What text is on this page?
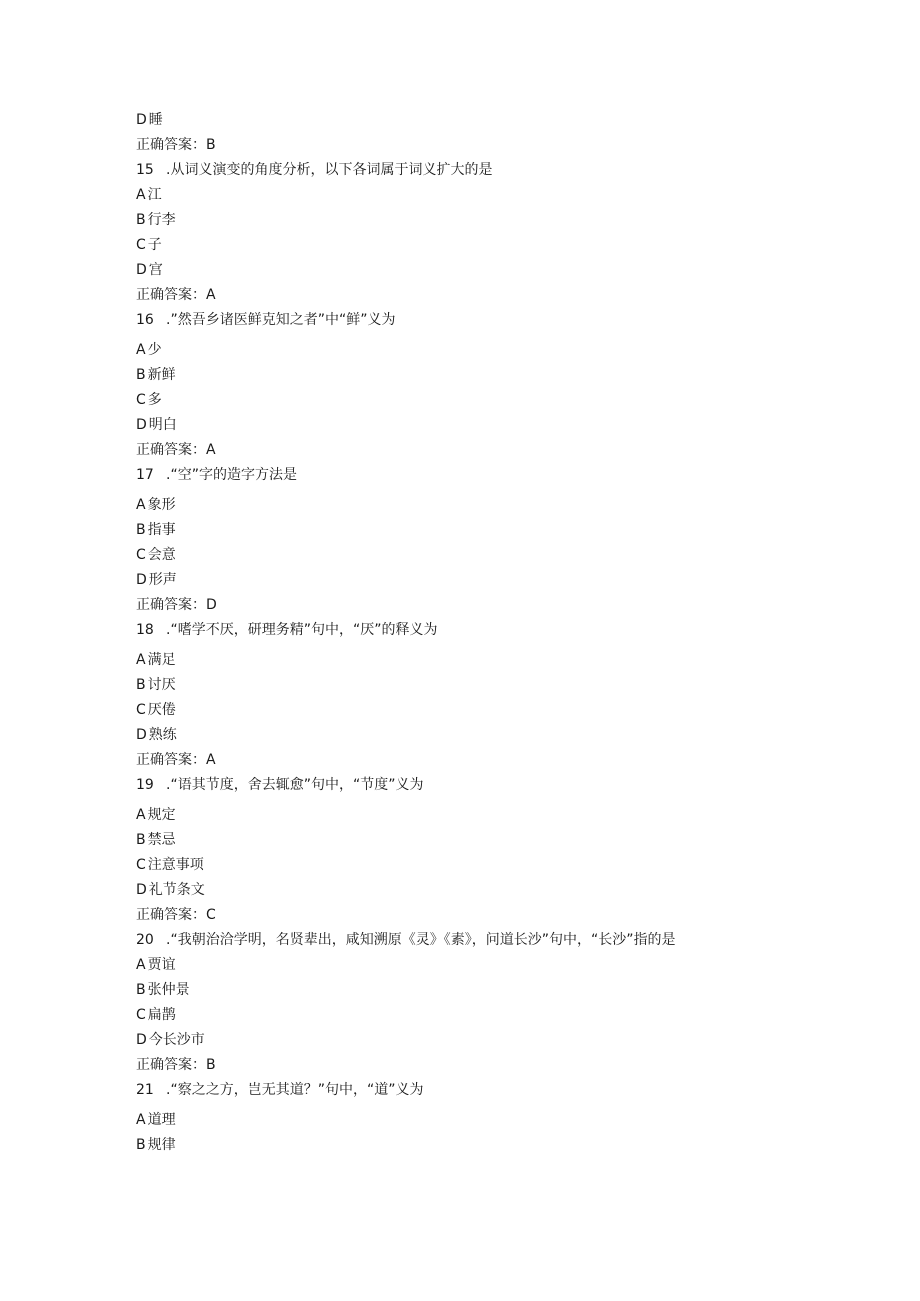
D 睡
正确答案：B
15 .从词义演变的角度分析，以下各词属于词义扩大的是
A 江
B 行李
C 子
D 宫
正确答案：A
16 .”然吾乡诸医鲜克知之者”中“鲜”义为
A 少
B 新鲜
C 多
D 明白
正确答案：A
17 .“空”字的造字方法是
A 象形
B 指事
C 会意
D 形声
正确答案：D
18 .“嗜学不厌，研理务精”句中，“厌”的释义为
A 满足
B 讨厌
C 厌倦
D 熟练
正确答案：A
19 .“语其节度，舍去辄愈”句中，“节度”义为
A 规定
B 禁忌
C 注意事项
D 礼节条文
正确答案：C
20 .“我朝治洽学明，名贤辈出，咸知溯原《灵》《素》，问道长沙”句中，“长沙”指的是
A 贾谊
B 张仲景
C 扁鹊
D 今长沙市
正确答案：B
21 .“察之之方，岂无其道？”句中，“道”义为
A 道理
B 规律
